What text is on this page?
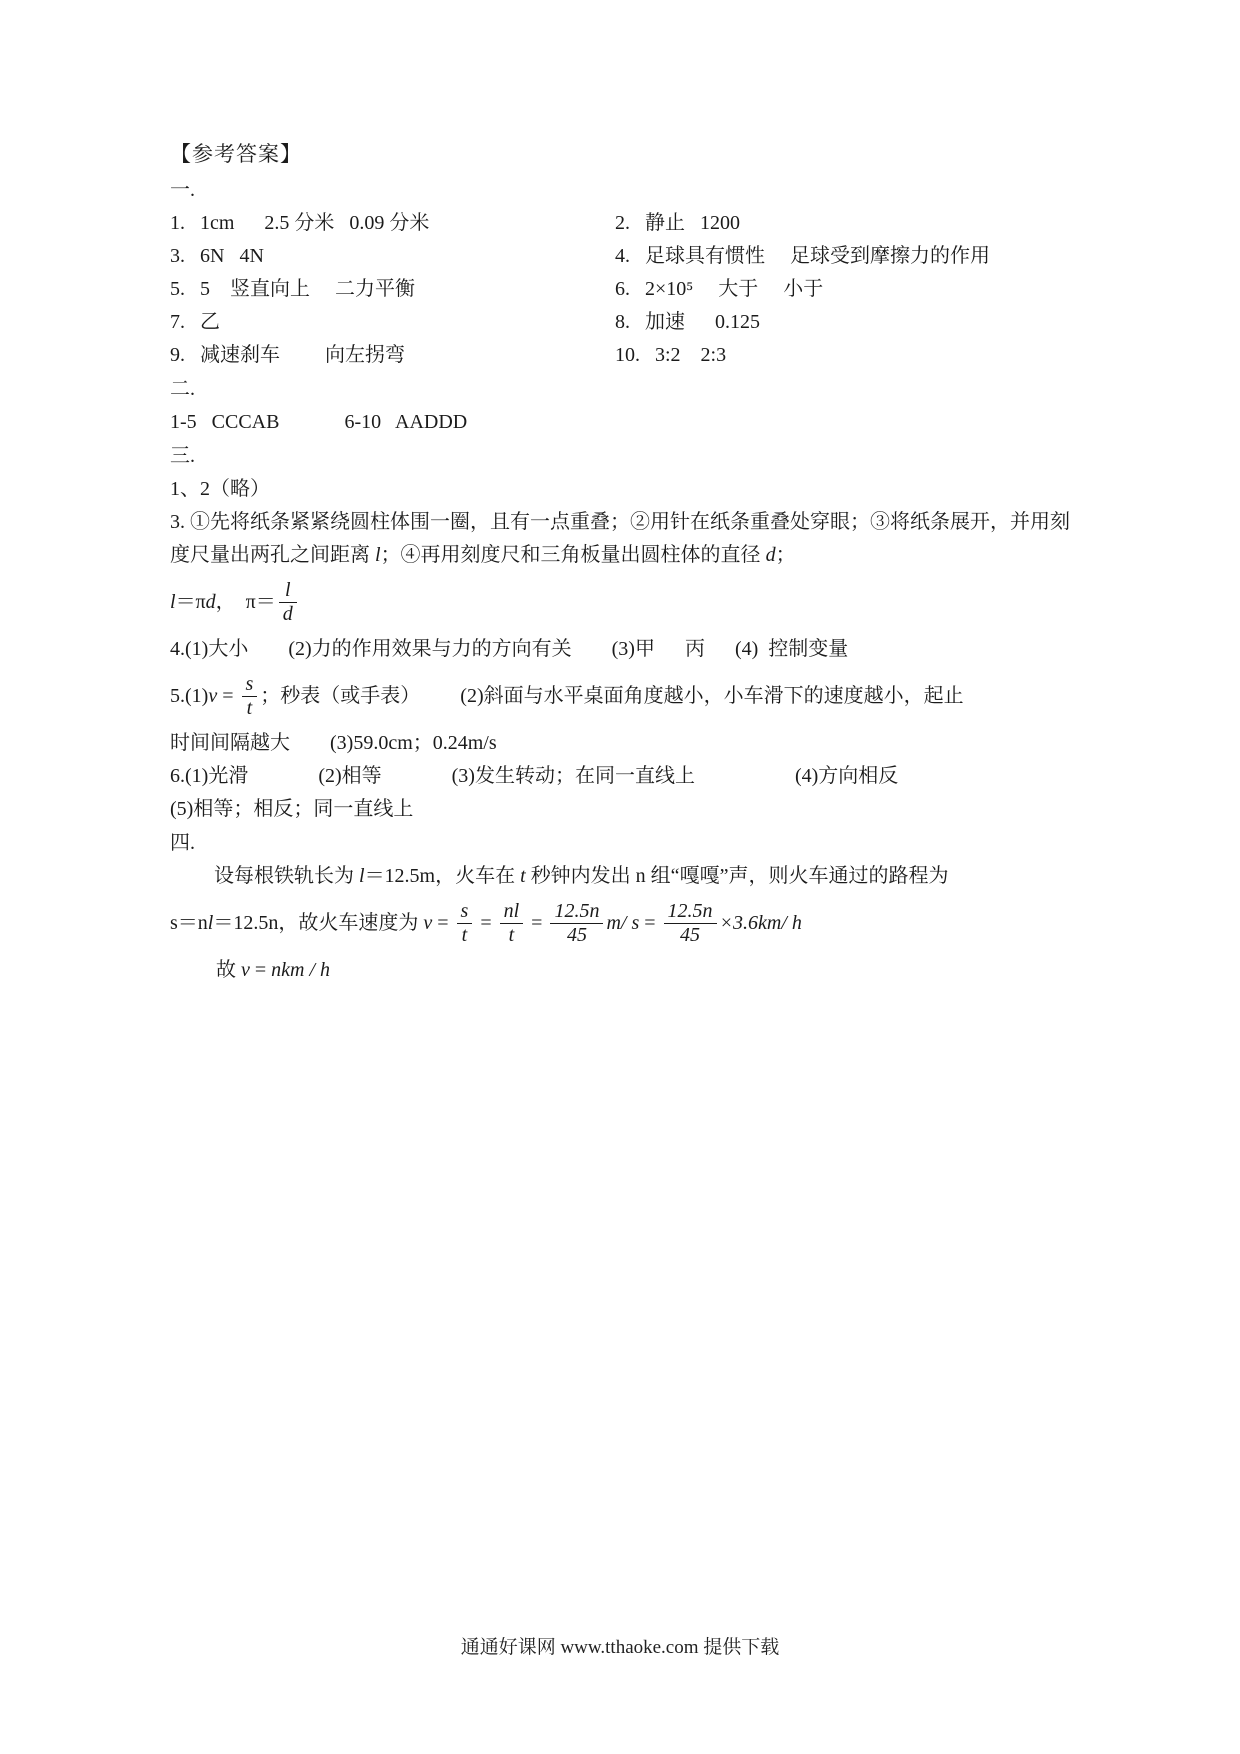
【参考答案】
一.
1.   1cm      2.5 分米   0.09 分米	2.   静止   1200
3.   6N   4N	4.   足球具有惯性     足球受到摩擦力的作用
5.   5    竖直向上     二力平衡	6.   2×10⁵     大于     小于
7.   乙	8.   加速      0.125
9.   减速刹车         向左拐弯	10.   3:2    2:3
二.
1-5   CCCAB             6-10   AADDD
三.
1、2（略）
3. ①先将纸条紧紧绕圆柱体围一圈，且有一点重叠；②用针在纸条重叠处穿眼；③将纸条展开，并用刻度尺量出两孔之间距离 l；④再用刻度尺和三角板量出圆柱体的直径 d；
l ＝π d ，  $\pi= \frac{l}{d}$
4.(1)大小        (2)力的作用效果与力的方向有关        (3)甲      丙      (4)  控制变量
5.(1) $v = \frac{s}{t}$ ；秒表（或手表）        (2)斜面与水平桌面角度越小，小车滑下的速度越小，起止
时间间隔越大        (3)59.0cm；0.24m/s
6.(1)光滑              (2)相等              (3)发生转动；在同一直线上                    (4)方向相反
(5)相等；相反；同一直线上
四.
设每根铁轨长为 l＝12.5m，火车在 t 秒钟内发出 n 组“嘎嘎”声，则火车通过的路程为
s＝n l ＝12.5n，故火车速度为 $v = \frac{s}{t} = \frac{nl}{t} = \frac{12.5n}{45} m/$ $s = \frac{12.5n}{45} \times 3.6km/$ h
故 v = nkm / h
通通好课网 www.tthaoke.com 提供下载
